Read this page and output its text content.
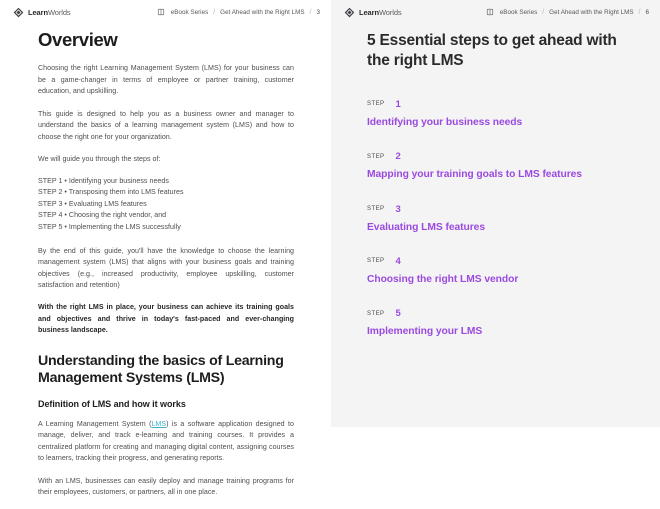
LearnWorlds	eBook Series / Get Ahead with the Right LMS / 3
Overview

Choosing the right Learning Management System (LMS) for your business can be a game-changer in terms of employee or partner training, customer education, and upskilling.

This guide is designed to help you as a business owner and manager to understand the basics of a learning management system (LMS) and how to choose the right one for your organization.

We will guide you through the steps of:

STEP 1 • Identifying your business needs
STEP 2 • Transposing them into LMS features
STEP 3 • Evaluating LMS features
STEP 4 • Choosing the right vendor, and
STEP 5 • Implementing the LMS successfully

By the end of this guide, you'll have the knowledge to choose the learning management system (LMS) that aligns with your business goals and training objectives (e.g., increased productivity, employee upskilling, customer satisfaction and retention)

With the right LMS in place, your business can achieve its training goals and objectives and thrive in today's fast-paced and ever-changing business landscape.

Understanding the basics of Learning Management Systems (LMS)
Definition of LMS and how it works

A Learning Management System (LMS) is a software application designed to manage, deliver, and track e-learning and training courses. It provides a centralized platform for creating and managing digital content, assigning courses to learners, tracking their progress, and generating reports.

With an LMS, businesses can easily deploy and manage training programs for their employees, customers, or partners, all in one place.

LearnWorlds	eBook Series / Get Ahead with the Right LMS / 6
5 Essential steps to get ahead with the right LMS
STEP 1
Identifying your business needs
STEP 2
Mapping your training goals to LMS features
STEP 3
Evaluating LMS features
STEP 4
Choosing the right LMS vendor
STEP 5
Implementing your LMS
